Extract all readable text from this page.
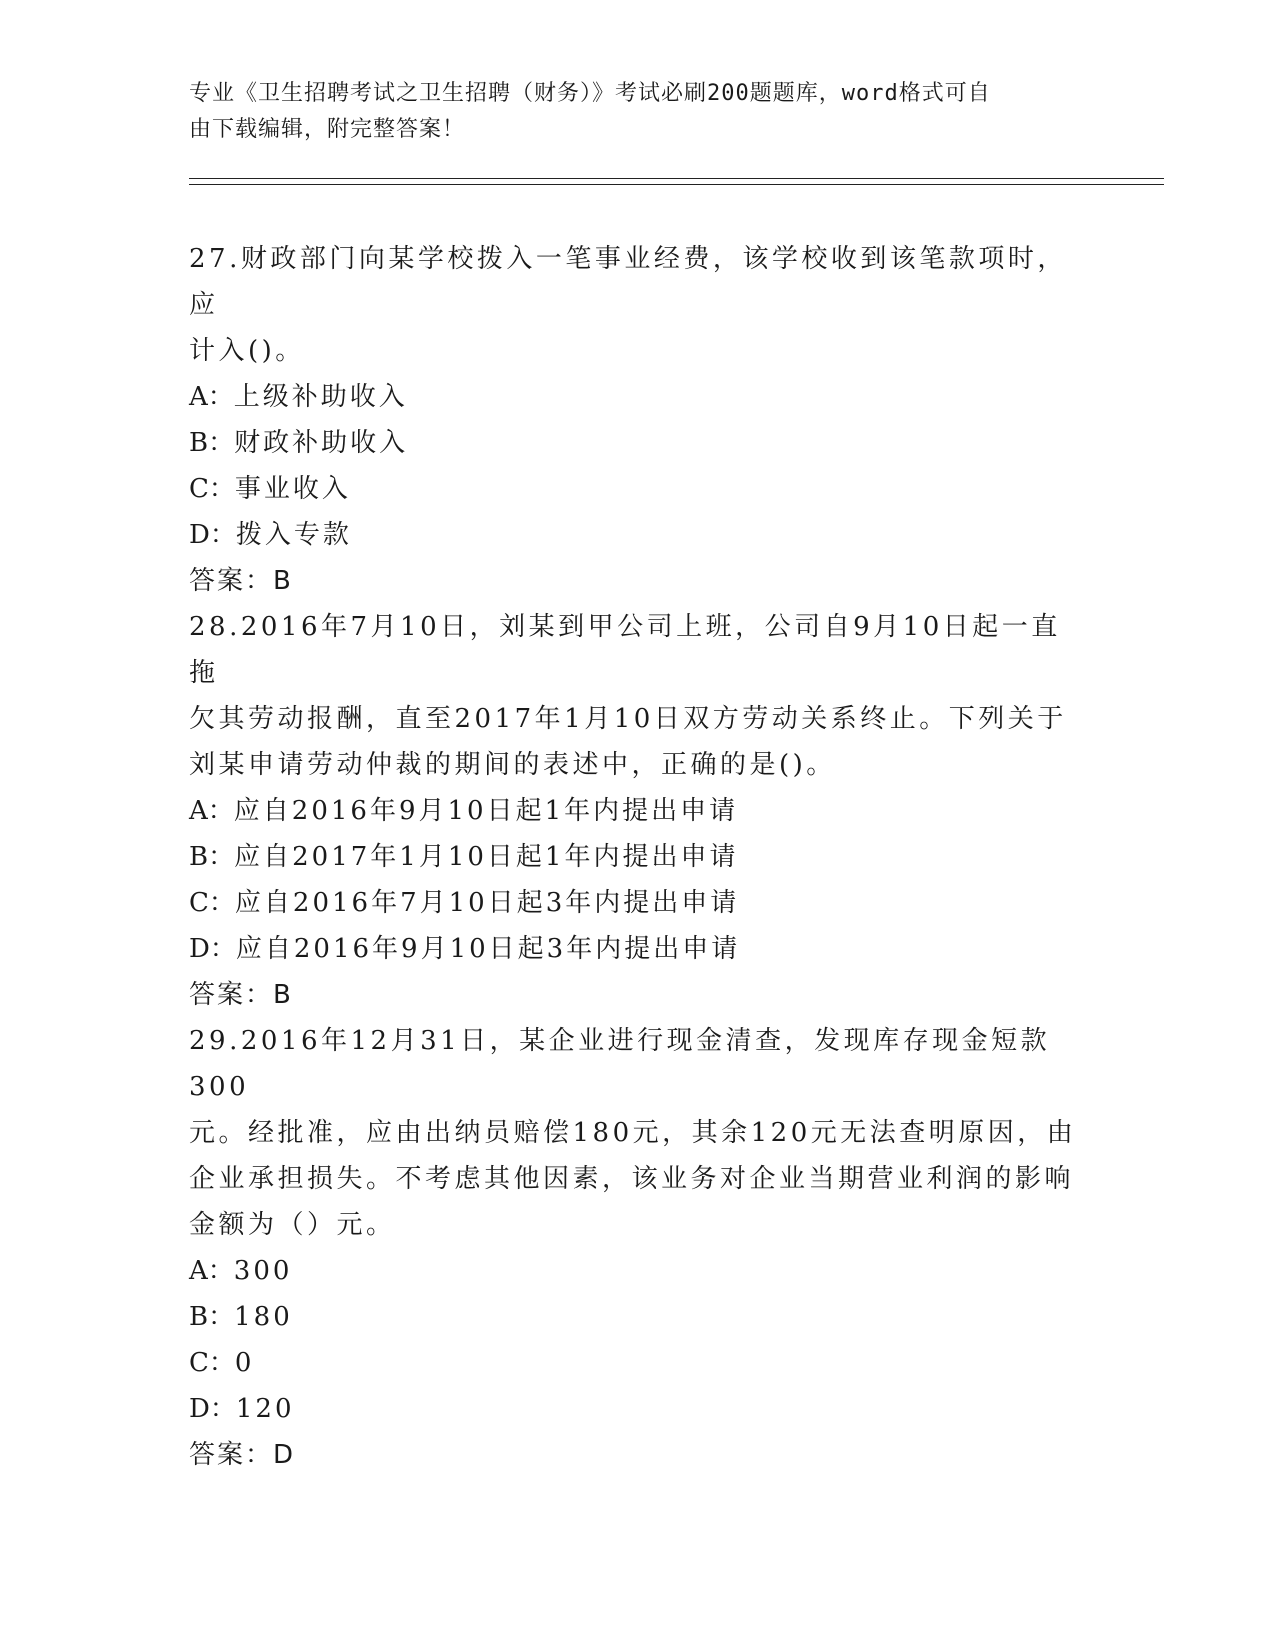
专业《卫生招聘考试之卫生招聘（财务）》考试必刷200题题库，word格式可自
由下载编辑，附完整答案！

27.财政部门向某学校拨入一笔事业经费，该学校收到该笔款项时，应

计入()。

A：上级补助收入

B：财政补助收入

C：事业收入

D：拨入专款

答案：B

28.2016年7月10日，刘某到甲公司上班，公司自9月10日起一直拖

欠其劳动报酬，直至2017年1月10日双方劳动关系终止。下列关于

刘某申请劳动仲裁的期间的表述中，正确的是()。

A：应自2016年9月10日起1年内提出申请

B：应自2017年1月10日起1年内提出申请

C：应自2016年7月10日起3年内提出申请

D：应自2016年9月10日起3年内提出申请

答案：B

29.2016年12月31日，某企业进行现金清查，发现库存现金短款300

元。经批准，应由出纳员赔偿180元，其余120元无法查明原因，由

企业承担损失。不考虑其他因素，该业务对企业当期营业利润的影响

金额为（）元。

A：300

B：180

C：0

D：120

答案：D
